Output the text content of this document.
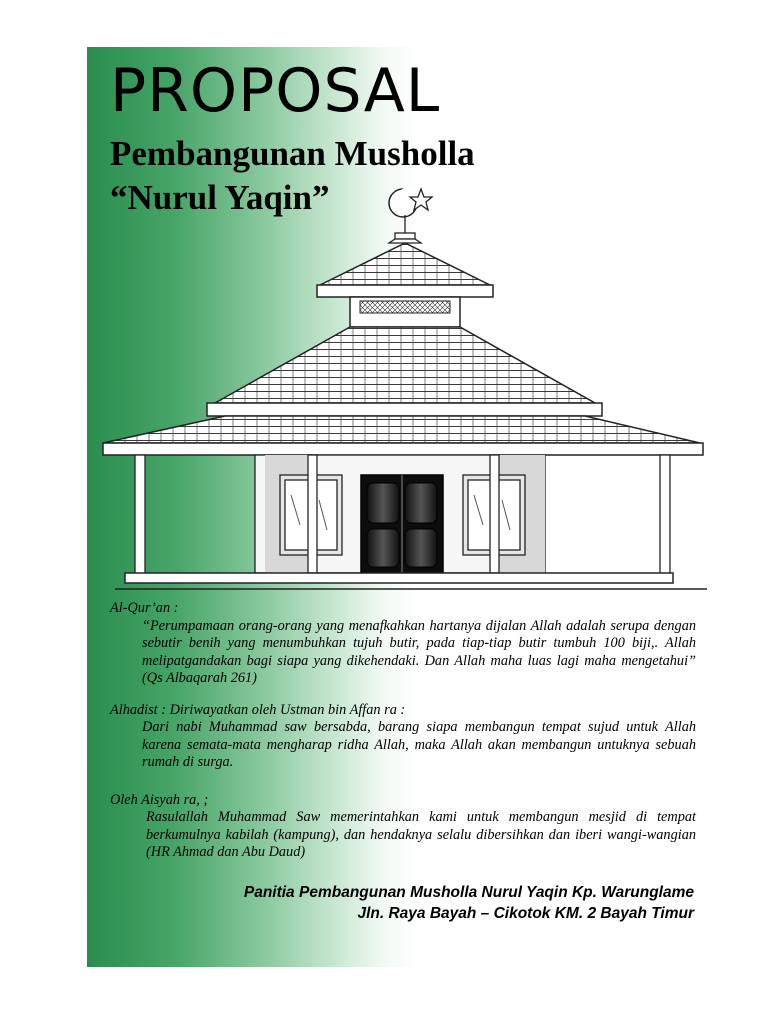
PROPOSAL
Pembangunan Musholla
“Nurul Yaqin”

Al-Qur’an :

“Perumpamaan orang-orang yang menafkahkan hartanya dijalan Allah adalah serupa dengan sebutir benih yang menumbuhkan tujuh butir, pada tiap-tiap butir tumbuh 100 biji,. Allah melipatgandakan bagi siapa yang dikehendaki. Dan Allah maha luas lagi maha mengetahui” (Qs Albaqarah 261)

Alhadist : Diriwayatkan oleh Ustman bin Affan ra :

Dari nabi Muhammad saw bersabda, barang siapa membangun tempat sujud untuk Allah karena semata-mata mengharap ridha Allah, maka Allah akan membangun untuknya sebuah rumah di surga.

Oleh Aisyah ra, ;

Rasulallah Muhammad Saw memerintahkan kami untuk membangun mesjid di tempat berkumulnya kabilah (kampung), dan hendaknya selalu dibersihkan dan iberi wangi-wangian (HR Ahmad dan Abu Daud)

Panitia Pembangunan Musholla Nurul Yaqin Kp. Warunglame
Jln. Raya Bayah – Cikotok KM. 2 Bayah Timur
